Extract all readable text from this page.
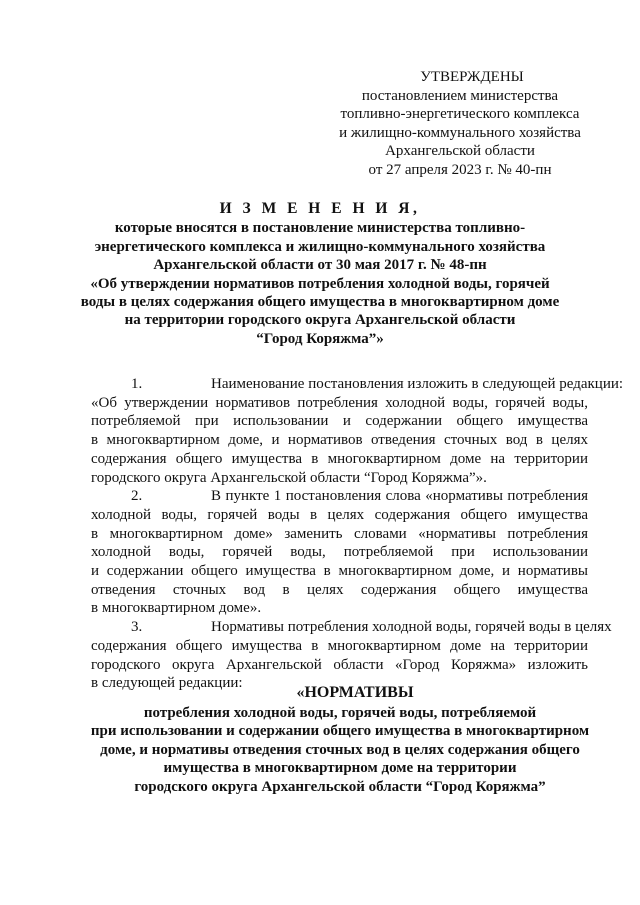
УТВЕРЖДЕНЫ
постановлением министерства
топливно-энергетического комплекса
и жилищно-коммунального хозяйства
Архангельской области
от 27 апреля 2023 г. № 40-пн
И З М Е Н Е Н И Я,
которые вносятся в постановление министерства топливно-
энергетического комплекса и жилищно-коммунального хозяйства
Архангельской области от 30 мая 2017 г. № 48-пн
«Об утверждении нормативов потребления холодной воды, горячей
воды в целях содержания общего имущества в многоквартирном доме
на территории городского округа Архангельской области
“Город Коряжма”»
1.	Наименование постановления изложить в следующей редакции:
«Об утверждении нормативов потребления холодной воды, горячей воды,
потребляемой при использовании и содержании общего имущества
в многоквартирном доме, и нормативов отведения сточных вод в целях
содержания общего имущества в многоквартирном доме на территории
городского округа Архангельской области “Город Коряжма”».
2.	В пункте 1 постановления слова «нормативы потребления
холодной воды, горячей воды в целях содержания общего имущества
в многоквартирном доме» заменить словами «нормативы потребления
холодной воды, горячей воды, потребляемой при использовании
и содержании общего имущества в многоквартирном доме, и нормативы
отведения сточных вод в целях содержания общего имущества
в многоквартирном доме».
3.	Нормативы потребления холодной воды, горячей воды в целях
содержания общего имущества в многоквартирном доме на территории
городского округа Архангельской области «Город Коряжма» изложить
в следующей редакции:
«НОРМАТИВЫ
потребления холодной воды, горячей воды, потребляемой
при использовании и содержании общего имущества в многоквартирном
доме, и нормативы отведения сточных вод в целях содержания общего
имущества в многоквартирном доме на территории
городского округа Архангельской области “Город Коряжма”
